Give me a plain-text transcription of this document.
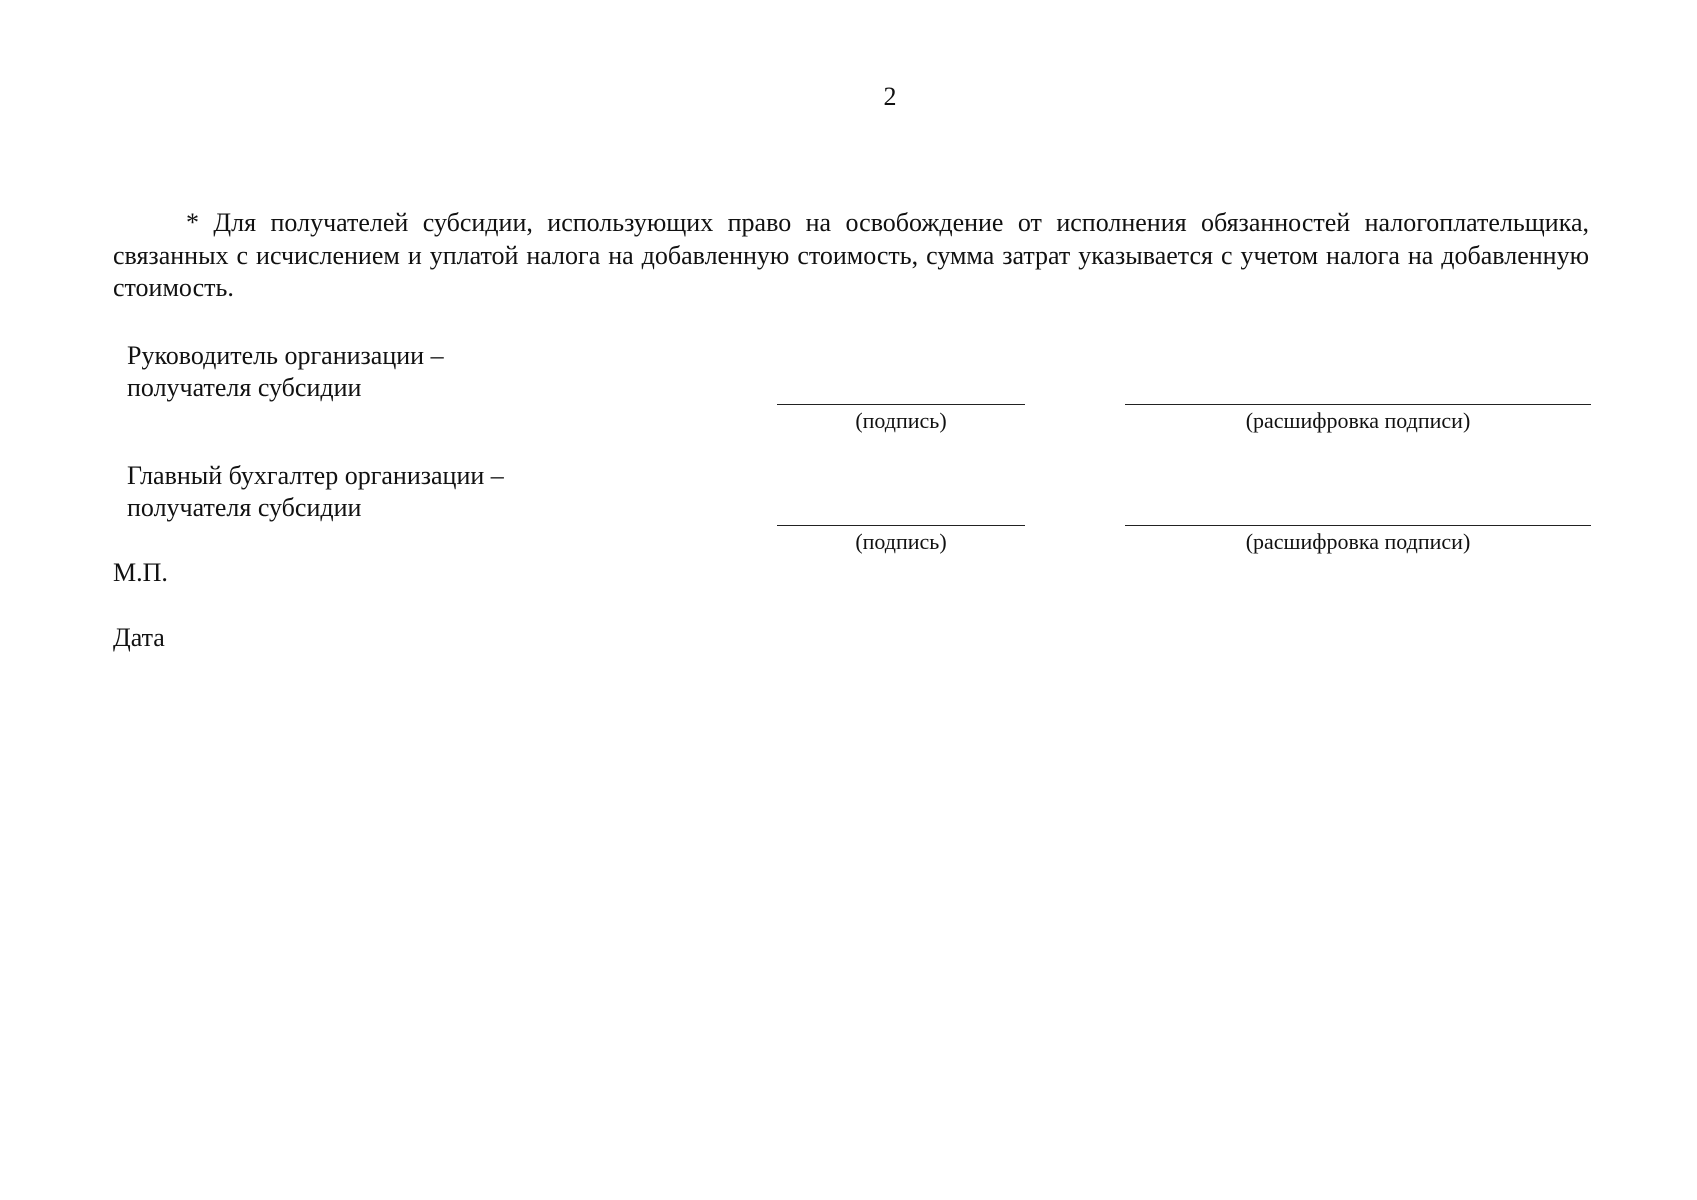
2

* Для получателей субсидии, использующих право на освобождение от исполнения обязанностей налогоплательщика, связанных с исчислением и уплатой налога на добавленную стоимость, сумма затрат указывается с учетом налога на добавленную стоимость.

Руководитель организации –
получателя субсидии
(подпись)	(расшифровка подписи)
Главный бухгалтер организации –
получателя субсидии
(подпись)	(расшифровка подписи)

М.П.

Дата
